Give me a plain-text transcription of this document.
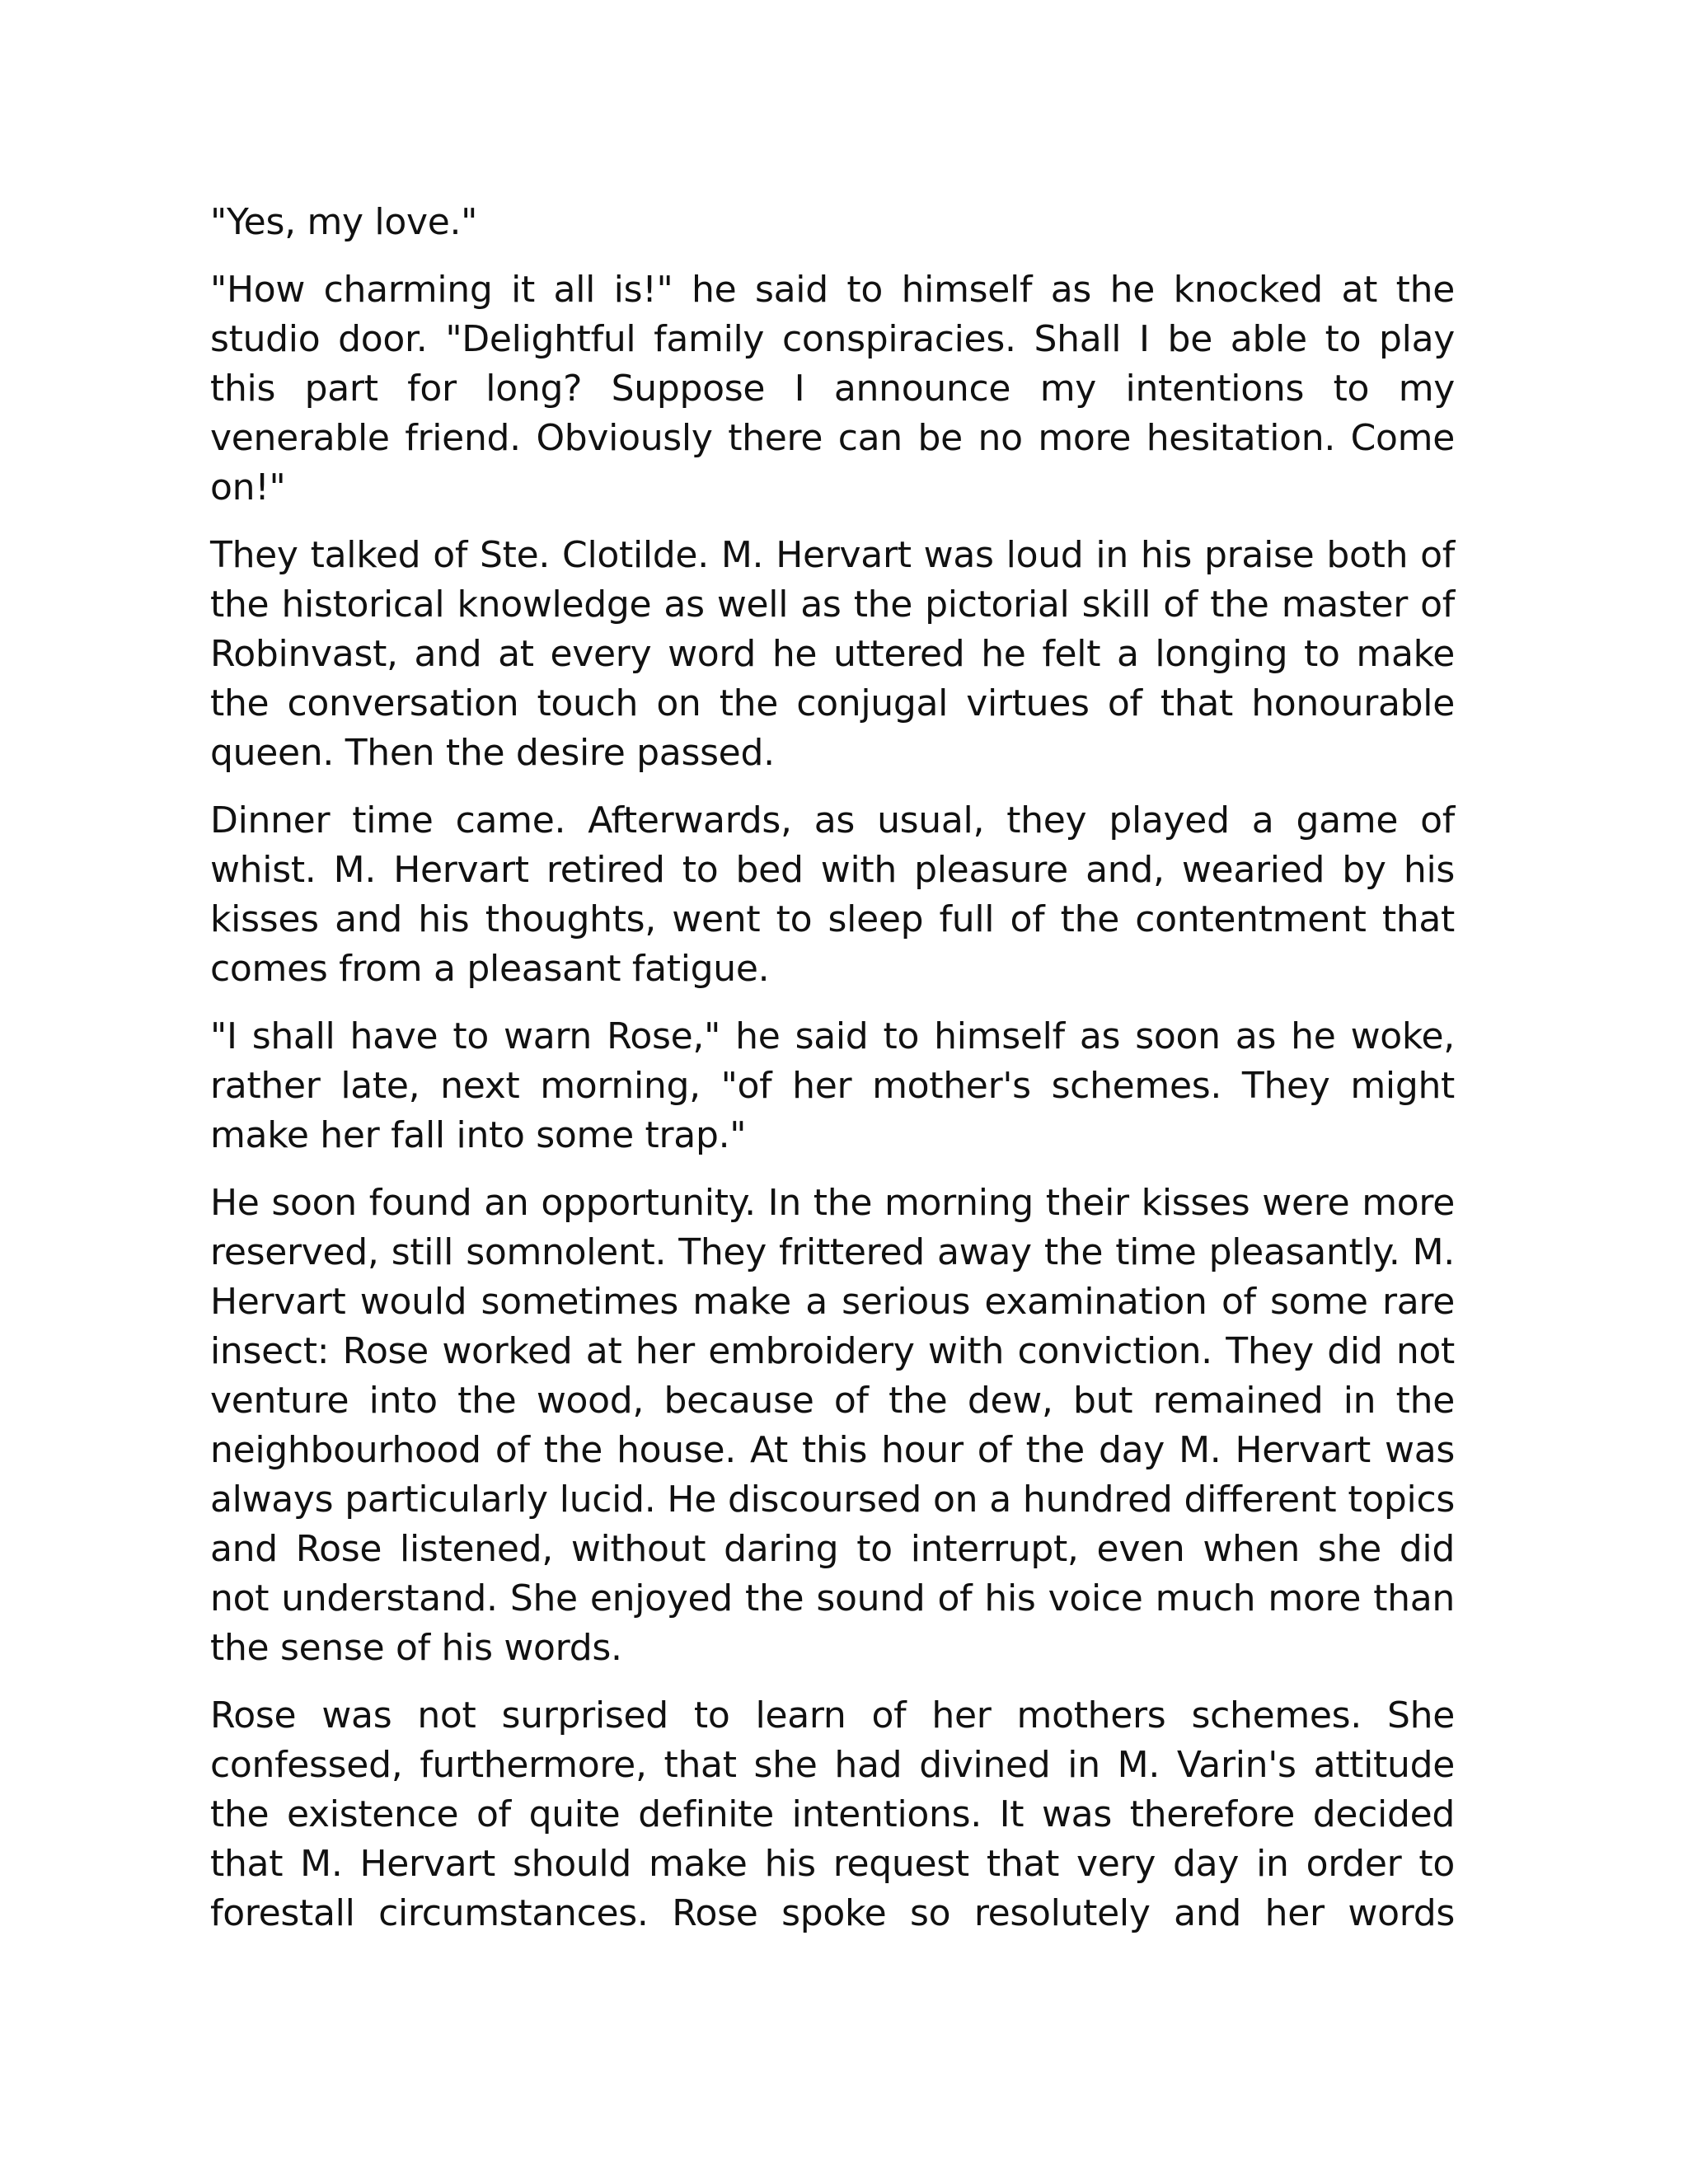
"Yes, my love."

"How charming it all is!" he said to himself as he knocked at the studio door. "Delightful family conspiracies. Shall I be able to play this part for long? Suppose I announce my intentions to my venerable friend. Obviously there can be no more hesitation. Come on!"

They talked of Ste. Clotilde. M. Hervart was loud in his praise both of the historical knowledge as well as the pictorial skill of the master of Robinvast, and at every word he uttered he felt a longing to make the conversation touch on the conjugal virtues of that honourable queen. Then the desire passed.

Dinner time came. Afterwards, as usual, they played a game of whist. M. Hervart retired to bed with pleasure and, wearied by his kisses and his thoughts, went to sleep full of the contentment that comes from a pleasant fatigue.

"I shall have to warn Rose," he said to himself as soon as he woke, rather late, next morning, "of her mother's schemes. They might make her fall into some trap."

He soon found an opportunity. In the morning their kisses were more reserved, still somnolent. They frittered away the time pleasantly. M. Hervart would sometimes make a serious examination of some rare insect: Rose worked at her embroidery with conviction. They did not venture into the wood, because of the dew, but remained in the neighbourhood of the house. At this hour of the day M. Hervart was always particularly lucid. He discoursed on a hundred different topics and Rose listened, without daring to interrupt, even when she did not understand. She enjoyed the sound of his voice much more than the sense of his words.

Rose was not surprised to learn of her mothers schemes. She confessed, furthermore, that she had divined in M. Varin's attitude the existence of quite definite intentions. It was therefore decided that M. Hervart should make his request that very day in order to forestall circumstances. Rose spoke so resolutely and her words
